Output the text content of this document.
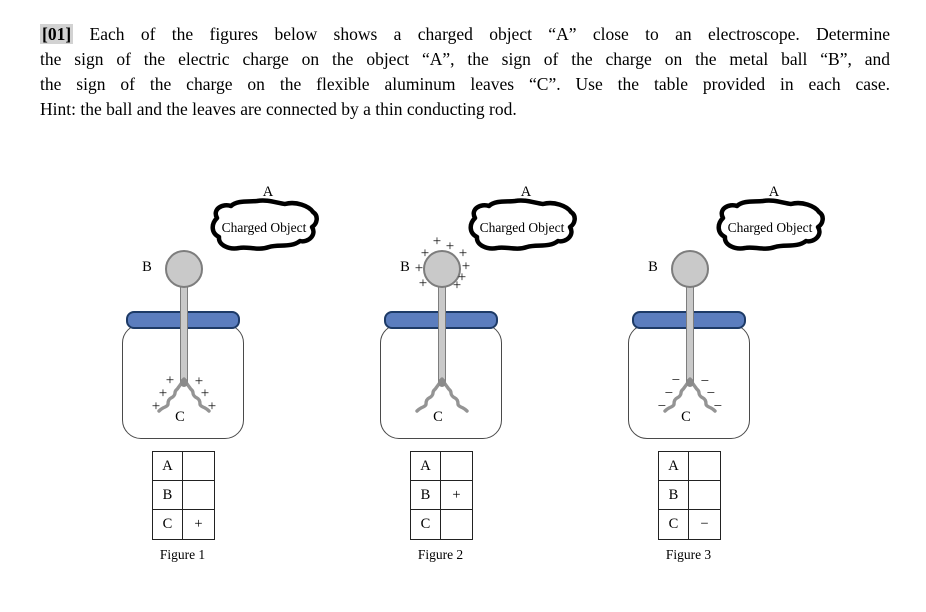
[01] Each of the figures below shows a charged object “A” close to an electroscope. Determine
the sign of the electric charge on the object “A”, the sign of the charge on the metal ball “B”, and
the sign of the charge on the flexible aluminum leaves “C”. Use the table provided in each case.
Hint: the ball and the leaves are connected by a thin conducting rod.
A
Charged Object
B
+
+
+
+
+
+
C
A
B
C	+
Figure 1
A
Charged Object
B
+ +
+ +
+	+
+
+ +
C
A
B	+
C
Figure 2
A
Charged Object
B
−
−
−
−
−
−
C
A
B
C	−
Figure 3
